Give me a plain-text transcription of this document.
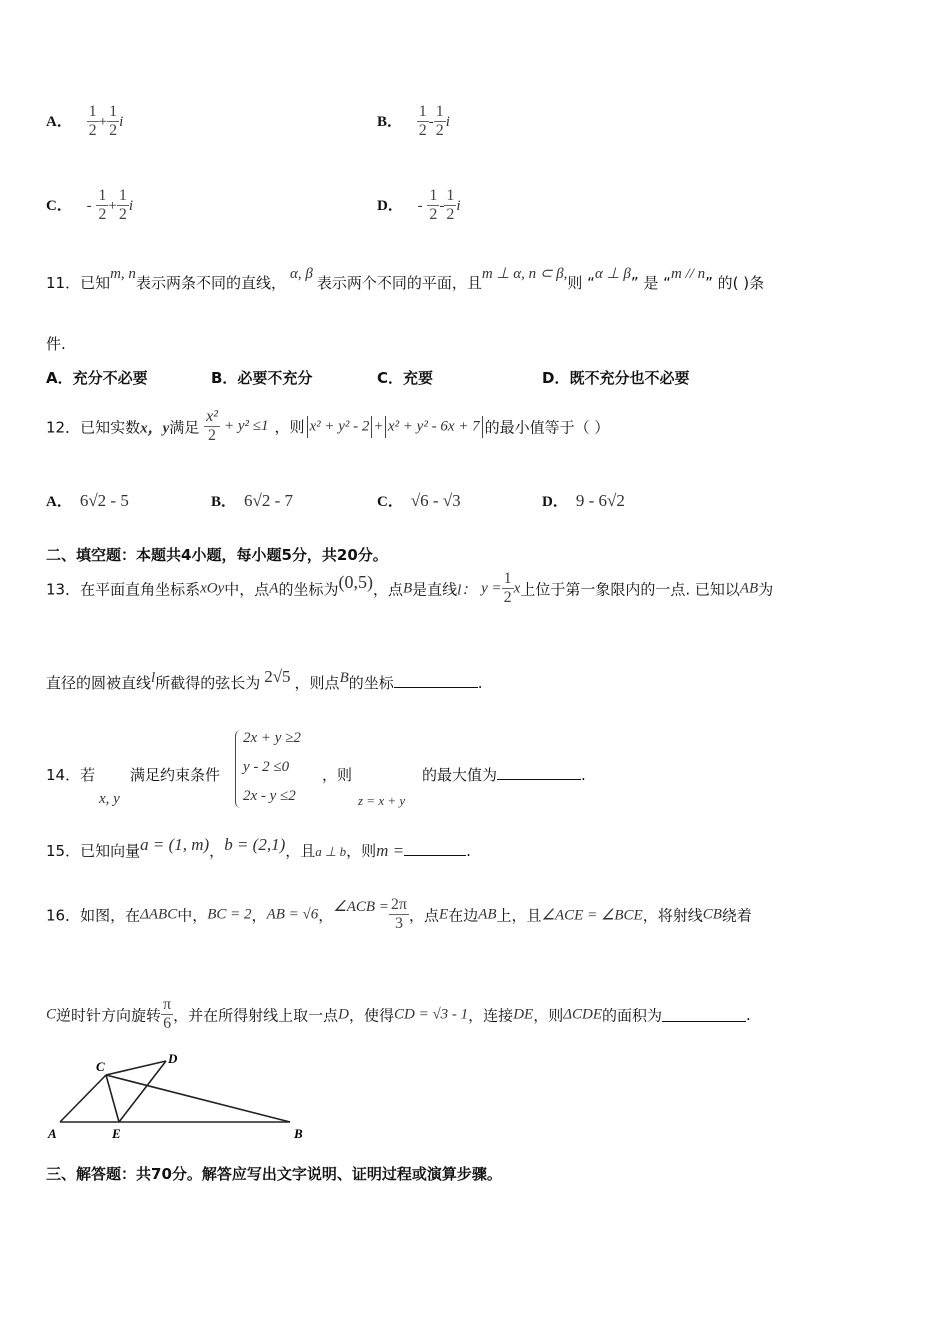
A． $\frac{1}{2} + \frac{1}{2}$ i	B． $\frac{1}{2} - \frac{1}{2}$ i
C． - $\frac{1}{2} + \frac{1}{2}$ i	D． - $\frac{1}{2} - \frac{1}{2}$ i
11．已知m, n表示两条不同的直线， α, β 表示两个不同的平面，且m ⊥ α, n ⊂ β,则 “α ⊥ β” 是 “m // n” 的( )条
件.
A．充分不必要	B．必要不充分	C．充要	D．既不充分也不必要
12．已知实数x，y满足 $\frac{\text{x²}}{2} + y^2 \le 1$ ，则 x² + y² - 2 + x² + y² - 6x + 7 的最小值等于（ ）
A． 6√2 - 5	B． 6√2 - 7	C． √6 - √3	D． 9 - 6√2
二、填空题：本题共4小题，每小题5分，共20分。
13．在平面直角坐标系xOy中，点A的坐标为(0,5)，点B是直线l： $y = \frac{1}{2}$ x上位于第一象限内的一点. 已知以AB为
直径的圆被直线l所截得的弦长为 2√5 ，则点B的坐标	.
14．若
x, y
满足约束条件
2x + y ≥2
y - 2 ≤0
2x - y ≤2
，则
z = x + y
的最大值为	.
15．已知向量a = (1, m)，b = (2,1)，且a ⊥ b，则m =	.
16．如图，在ΔABC中，BC = 2，AB = √6，∠ACB = $\frac{2\pi}{3}$ ，点E在边AB上，且∠ACE = ∠BCE，将射线CB绕着
C逆时针方向旋转 $\frac{\pi}{6}$ ，并在所得射线上取一点D，使得CD = √3 - 1，连接DE，则ΔCDE的面积为	.
A	B
C
D
E
三、解答题：共70分。解答应写出文字说明、证明过程或演算步骤。
